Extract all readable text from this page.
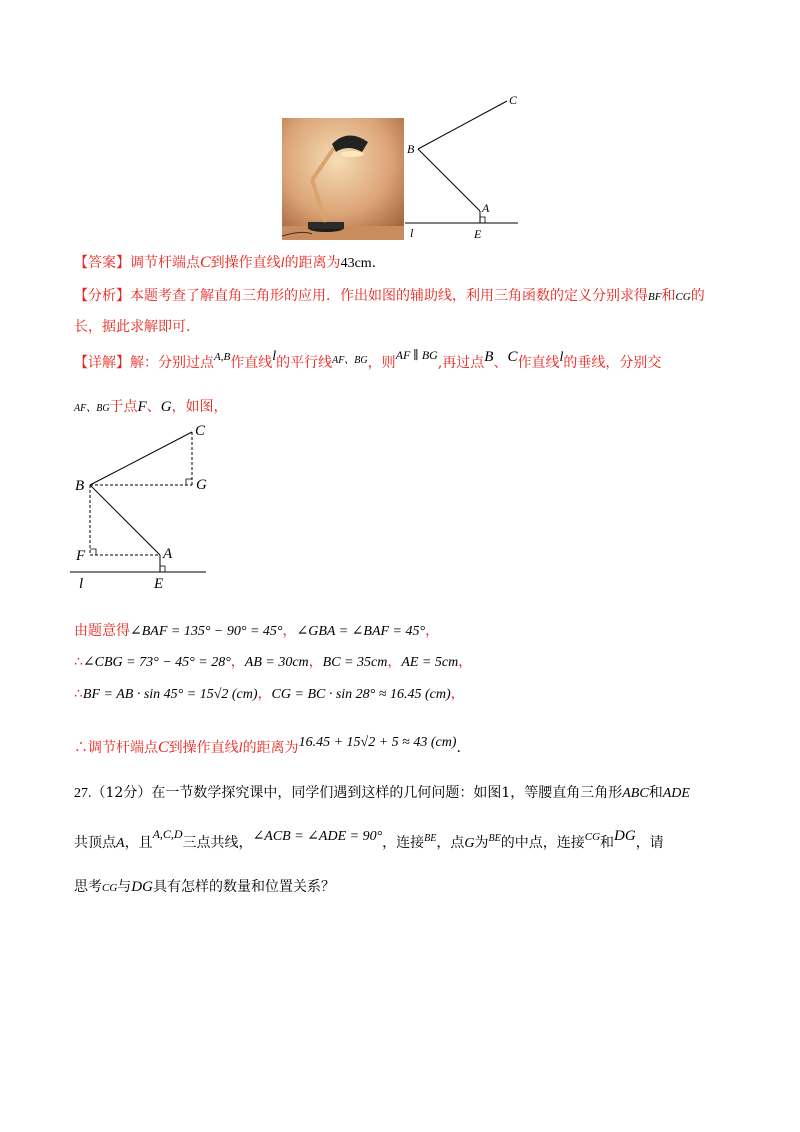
C
B
A
l	E
【答案】调节杆端点C到操作直线l的距离为43cm.
【分析】本题考查了解直角三角形的应用．作出如图的辅助线，利用三角函数的定义分别求得BF和CG的
长，据此求解即可.
【详解】解：分别过点$^{A,B}$作直线l的平行线$^{AF、BG}$，则AF ∥ BG,再过点B、C作直线l的垂线，分别交
AF、BG于点F、G，如图，
C
B	G
F	A
l	E
由题意得∠BAF = 135° − 90° = 45°，∠GBA = ∠BAF = 45°，
∴∠CBG = 73° − 45° = 28°，AB = 30cm，BC = 35cm，AE = 5cm，
∴BF = AB · sin 45° = 15√2 (cm)，CG = BC · sin 28° ≈ 16.45 (cm)，
∴调节杆端点C到操作直线l的距离为16.45 + 15√2 + 5 ≈ 43 (cm).
27.（12分）在一节数学探究课中，同学们遇到这样的几何问题：如图1，等腰直角三角形ABC和ADE
共顶点A，且A,C,D三点共线，∠ACB = ∠ADE = 90°，连接$^{BE}$，点G为$^{BE}$的中点，连接$^{CG}$和DG，请
思考CG与DG具有怎样的数量和位置关系？
